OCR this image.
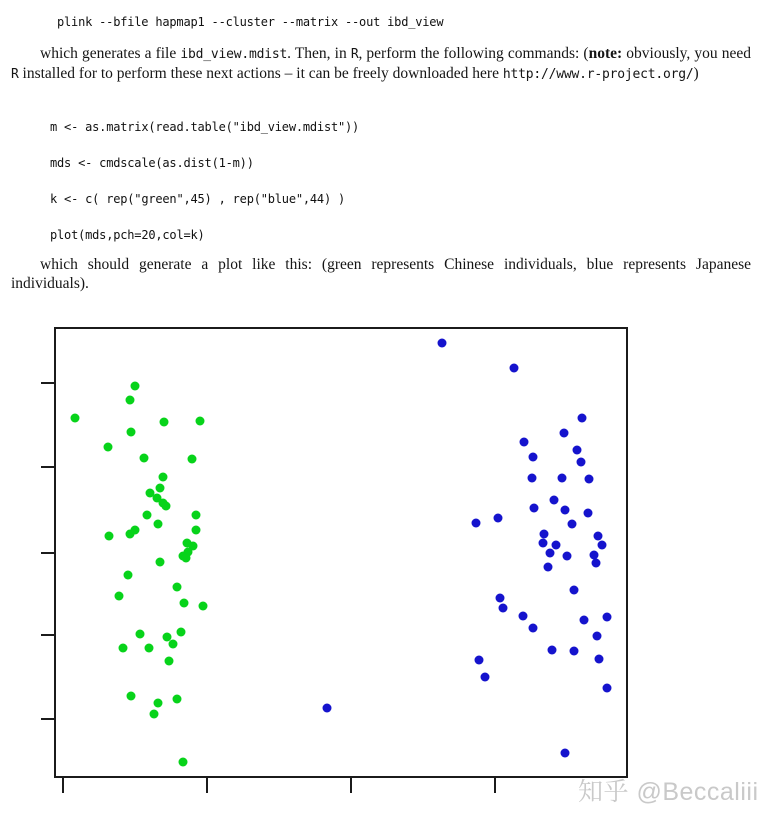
plink --bfile hapmap1 --cluster --matrix --out ibd_view

which generates a file ibd_view.mdist. Then, in R, perform the following commands: (note: obviously, you need R installed for to perform these next actions – it can be freely downloaded here http://www.r-project.org/)

m <- as.matrix(read.table("ibd_view.mdist"))
mds <- cmdscale(as.dist(1-m))
k <- c( rep("green",45) , rep("blue",44) )
plot(mds,pch=20,col=k)

which should generate a plot like this: (green represents Chinese individuals, blue represents Japanese individuals).

知乎 @Beccaliii
